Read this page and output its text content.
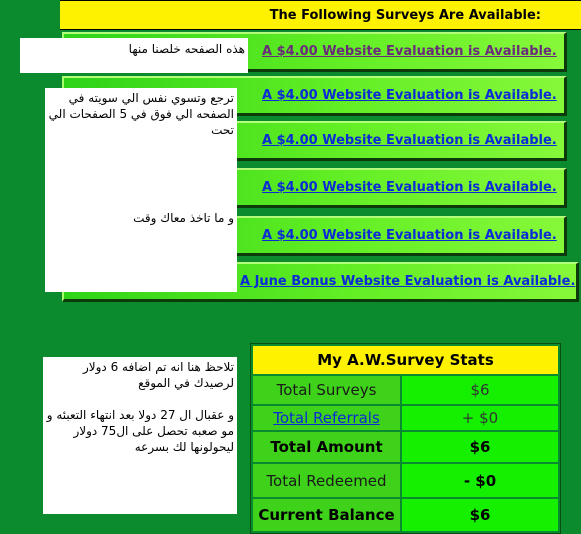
The Following Surveys Are Available:
A $4.00 Website Evaluation is Available.
A $4.00 Website Evaluation is Available.
A $4.00 Website Evaluation is Available.
A $4.00 Website Evaluation is Available.
A $4.00 Website Evaluation is Available.
A June Bonus Website Evaluation is Available.

هذه الصفحه خلصنا منها

ترجع وتسوي نفس الي سويته في الصفحه الي فوق في 5 الصفحات الي تحت

و ما تاخذ معاك وقت

تلاحظ هنا انه تم اضافه 6 دولار لرصيدك في الموقع

و عقبال ال 27 دولا بعد انتهاء التعبئه و مو صعبه تحصل على ال75 دولار ليحولونها لك بسرعه

My A.W.Survey Stats
Total Surveys	$6
Total Referrals	+ $0
Total Amount	$6
Total Redeemed	- $0
Current Balance	$6
